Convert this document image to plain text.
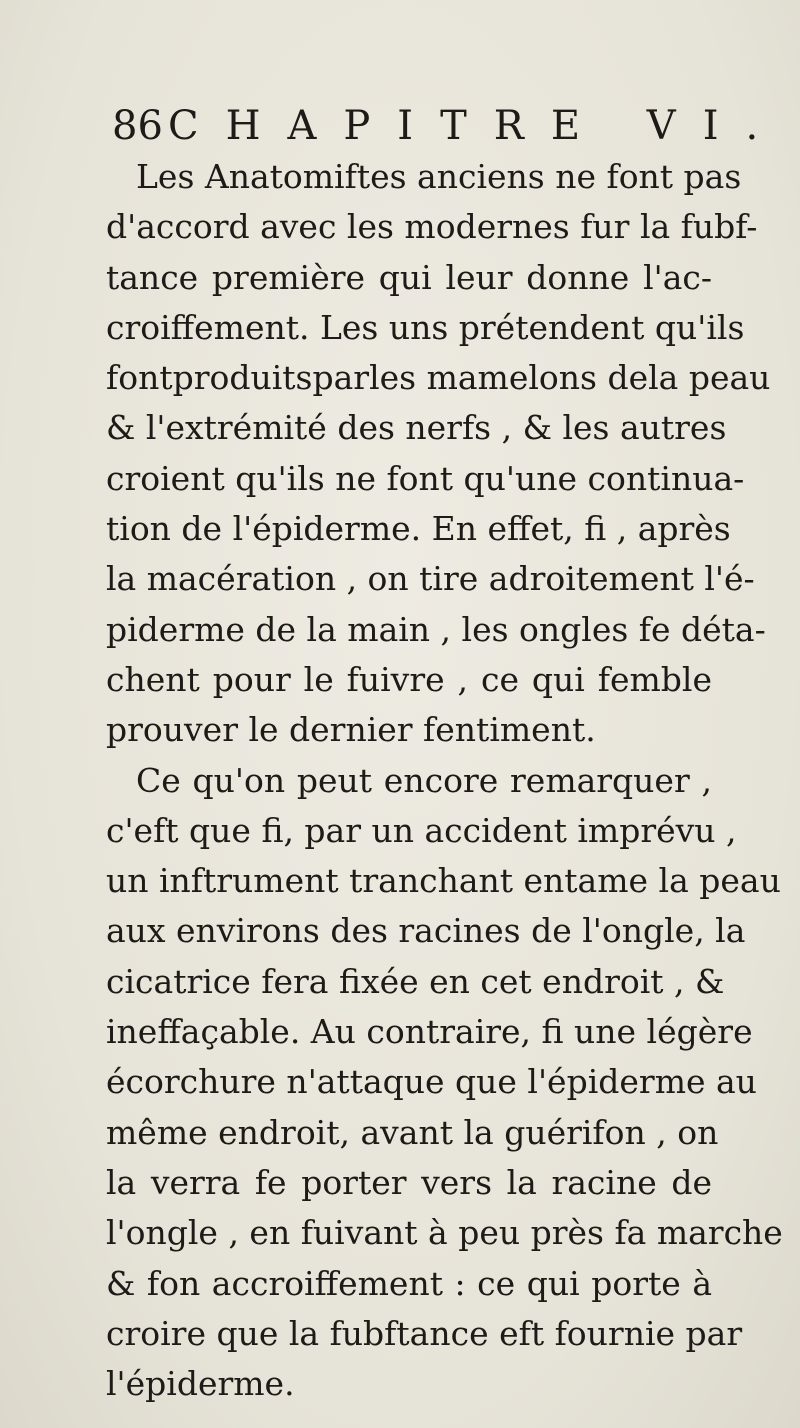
86 CHAPITRE VI.
Les Anatomiftes anciens ne font pas
d'accord avec les modernes fur la fubf-
tance première qui leur donne l'ac-
croiffement. Les uns prétendent qu'ils
fontproduitsparles mamelons dela peau
& l'extrémité des nerfs , & les autres
croient qu'ils ne font qu'une continua-
tion de l'épiderme. En effet, fi , après
la macération , on tire adroitement l'é-
piderme de la main , les ongles fe déta-
chent pour le fuivre , ce qui femble
prouver le dernier fentiment.
Ce qu'on peut encore remarquer ,
c'eft que fi, par un accident imprévu ,
un inftrument tranchant entame la peau
aux environs des racines de l'ongle, la
cicatrice fera fixée en cet endroit , &
ineffaçable. Au contraire, fi une légère
écorchure n'attaque que l'épiderme au
même endroit, avant la guérifon , on
la verra fe porter vers la racine de
l'ongle , en fuivant à peu près fa marche
& fon accroiffement : ce qui porte à
croire que la fubftance eft fournie par
l'épiderme.
